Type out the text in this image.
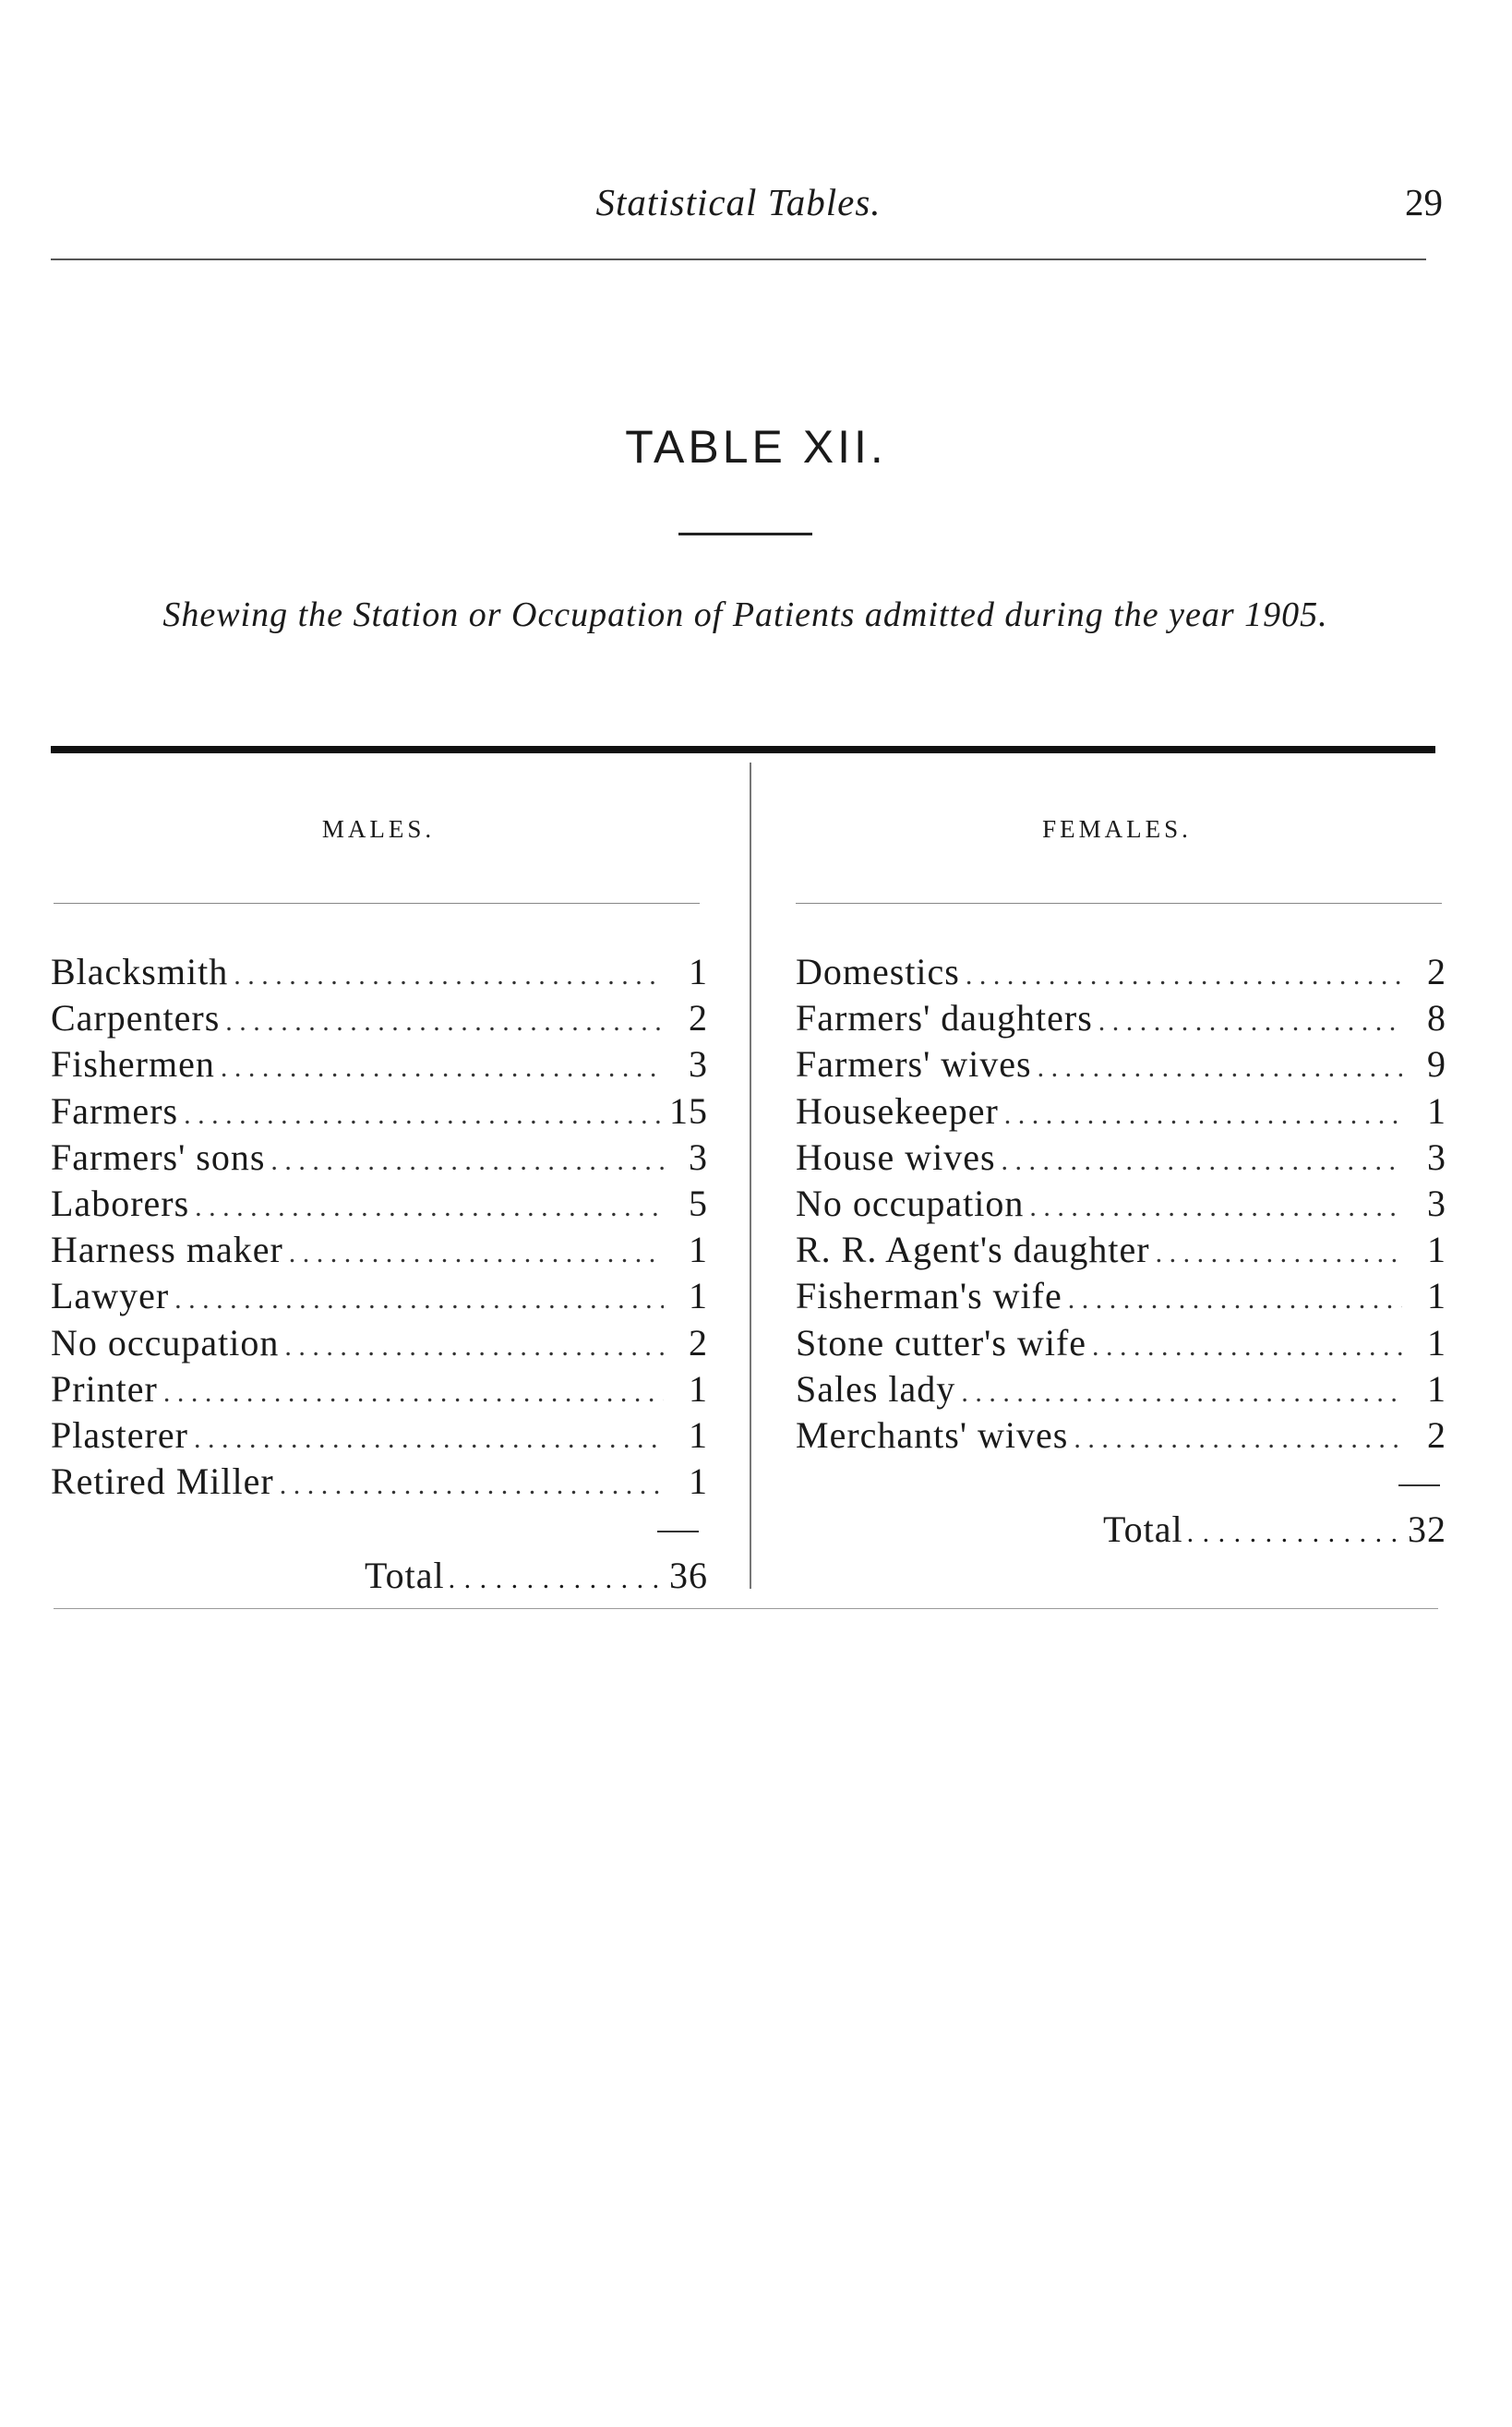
Statistical Tables.	29
TABLE XII.
Shewing the Station or Occupation of Patients admitted during the year 1905.
MALES.	FEMALES.
Blacksmith . . .	1
Carpenters . . .	2
Fishermen . . .	3
Farmers . . .	15
Farmers' sons . . .	3
Laborers . . .	5
Harness maker . . .	1
Lawyer . . .	1
No occupation . . .	2
Printer . . .	1
Plasterer . . .	1
Retired Miller . . .	1
Domestics . . .	2
Farmers' daughters . . .	8
Farmers' wives . . .	9
Housekeeper . . .	1
House wives . . .	3
No occupation . . .	3
R. R. Agent's daughter . . .	1
Fisherman's wife . . .	1
Stone cutter's wife . . .	1
Sales lady . . .	1
Merchants' wives . . .	2
Total . . .	36
Total . . .	32
